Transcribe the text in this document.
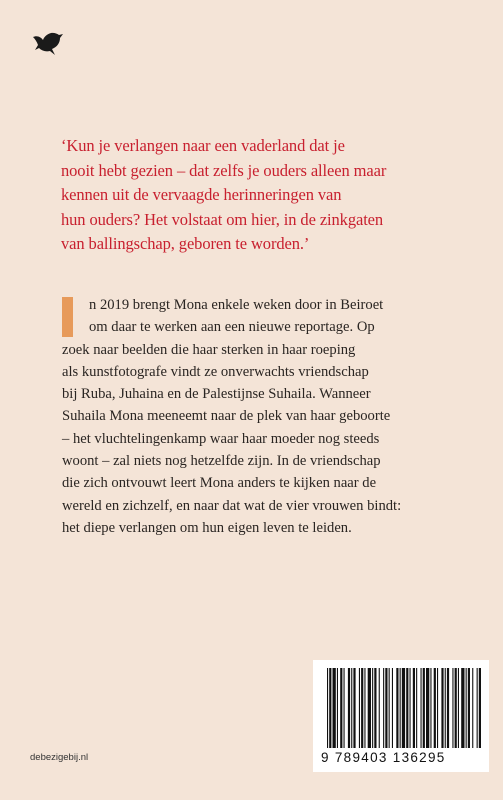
‘Kun je verlangen naar een vaderland dat je
nooit hebt gezien – dat zelfs je ouders alleen maar
kennen uit de vervaagde herinneringen van
hun ouders? Het volstaat om hier, in de zinkgaten
van ballingschap, geboren te worden.’
n 2019 brengt Mona enkele weken door in Beiroet
om daar te werken aan een nieuwe reportage. Op
zoek naar beelden die haar sterken in haar roeping
als kunstfotografe vindt ze onverwachts vriendschap
bij Ruba, Juhaina en de Palestijnse Suhaila. Wanneer
Suhaila Mona meeneemt naar de plek van haar geboorte
– het vluchtelingenkamp waar haar moeder nog steeds
woont – zal niets nog hetzelfde zijn. In de vriendschap
die zich ontvouwt leert Mona anders te kijken naar de
wereld en zichzelf, en naar dat wat de vier vrouwen bindt:
het diepe verlangen om hun eigen leven te leiden.
debezigebij.nl	9 789403 136295
